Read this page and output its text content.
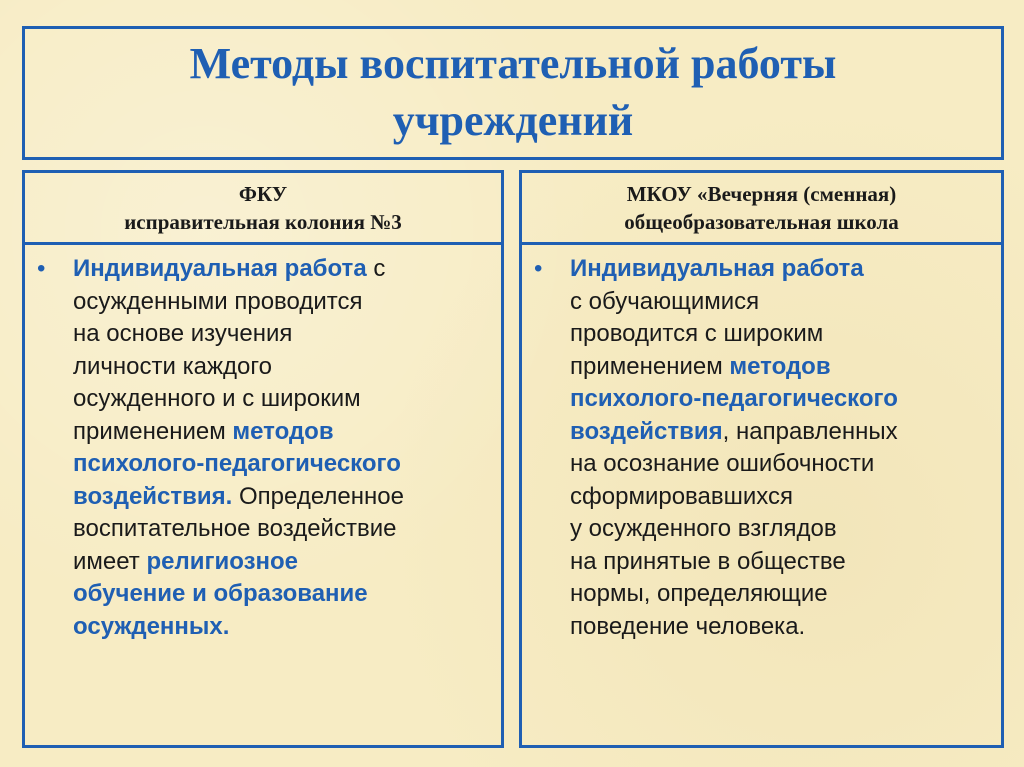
Методы воспитательной работы
учреждений
ФКУ
исправительная колония №3
• Индивидуальная работа с
осужденными проводится
на основе изучения
личности каждого
осужденного и с широким
применением методов
психолого-педагогического
воздействия. Определенное
воспитательное воздействие
имеет религиозное
обучение и образование
осужденных.
МКОУ «Вечерняя (сменная)
общеобразовательная школа
• Индивидуальная работа
с обучающимися
проводится с широким
применением методов
психолого-педагогического
воздействия, направленных
на осознание ошибочности
сформировавшихся
у осужденного взглядов
на принятые в обществе
нормы, определяющие
поведение человека.
